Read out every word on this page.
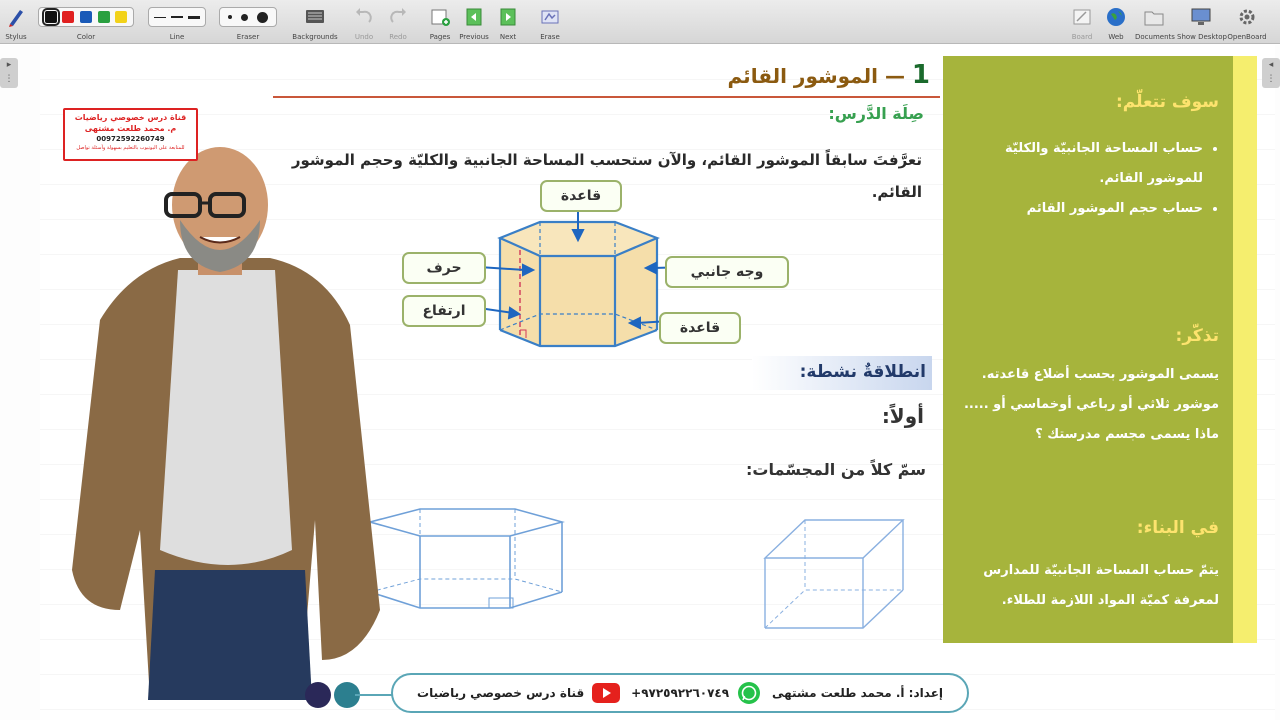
Stylus	Color	Line	Eraser	Backgrounds	Undo	Redo	Pages	Previous	Next	Erase	Board	Web	Documents Show Desktop OpenBoard
▸
⋮
◂
⋮
1 — الموشور القائم
صِلَة الدَّرس:
تعرَّفتَ سابقاً الموشور القائم، والآن ستحسب المساحة الجانبية والكليّة وحجم الموشور القائم.
قاعدة
حرف
ارتفاع
وجه جانبي
قاعدة
انطلاقةٌ نشطة:
أولاً:
سمّ كلاً من المجسّمات:
سوف تتعلّم:
• حساب المساحة الجانبيّة والكليّة للموشور القائم.
• حساب حجم الموشور القائم
تذكّر:
يسمى الموشور بحسب أضلاع قاعدته. موشور ثلاثي أو رباعي أوخماسي أو .....
ماذا يسمى مجسم مدرستك ؟
في البناء:
يتمّ حساب المساحة الجانبيّة للمدارس لمعرفة كميّة المواد اللازمة للطلاء.
قناة درس خصوصي رياضيات
م. محمد طلعت مشتهى
00972592260749
للمتابعة على اليوتيوب بالتعليم بسهولة وأسئلة تواصل
إعداد: أ. محمد طلعت مشتهى
+٩٧٢٥٩٢٢٦٠٧٤٩
قناة درس خصوصي رياضيات
